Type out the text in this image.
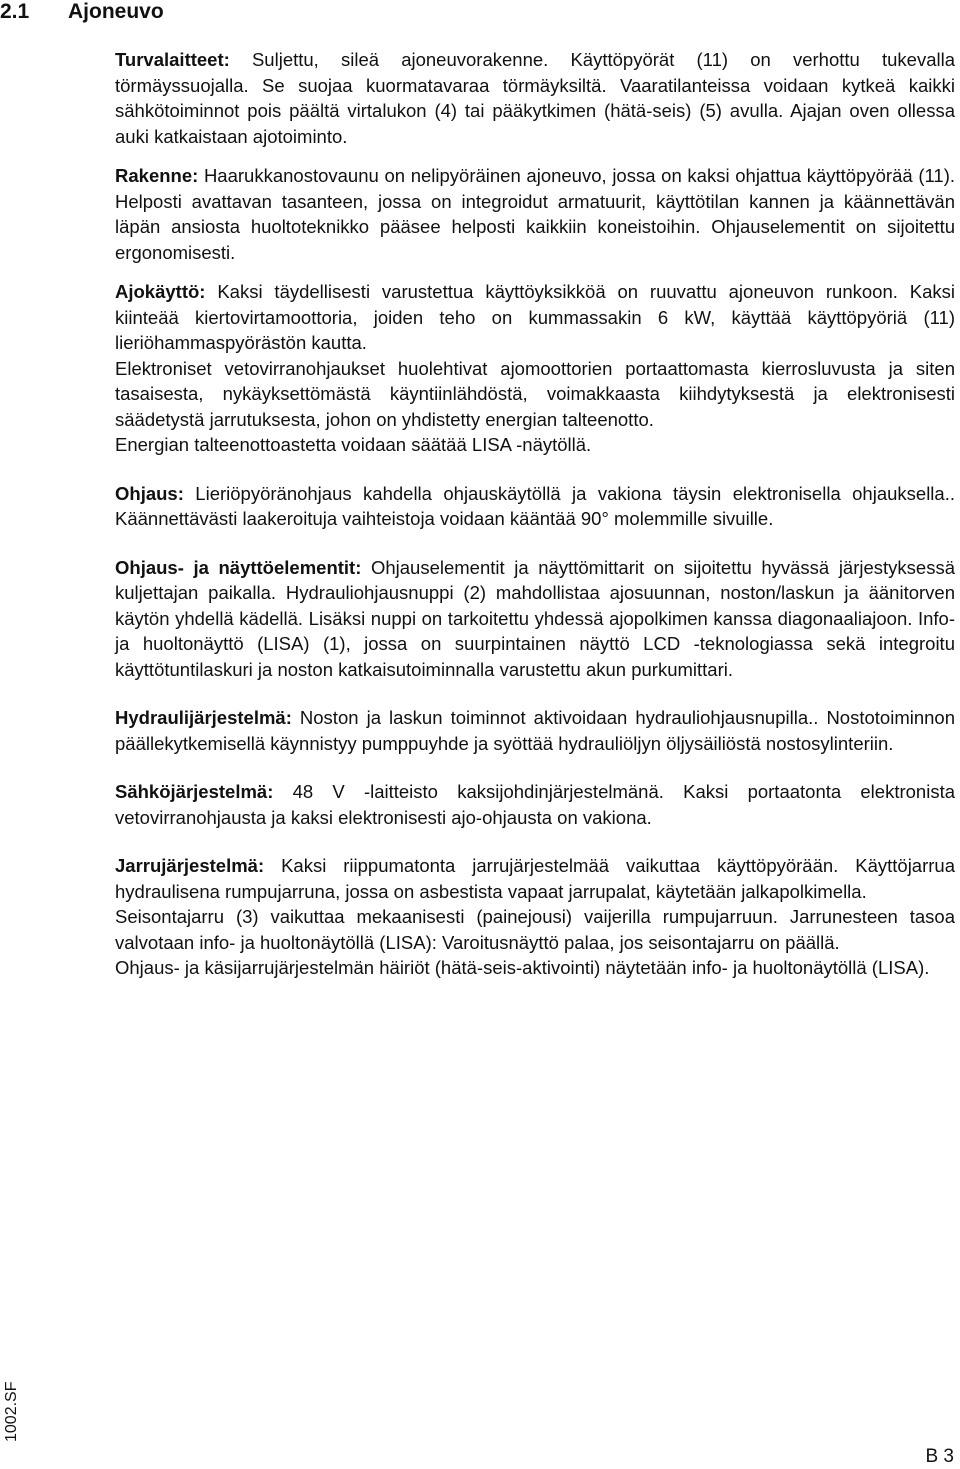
2.1 Ajoneuvo

Turvalaitteet: Suljettu, sileä ajoneuvorakenne. Käyttöpyörät (11) on verhottu tukevalla törmäyssuojalla. Se suojaa kuormatavaraa törmäyksiltä. Vaaratilanteissa voidaan kytkeä kaikki sähkötoiminnot pois päältä virtalukon (4) tai pääkytkimen (hätä-seis) (5) avulla. Ajajan oven ollessa auki katkaistaan ajotoiminto.

Rakenne: Haarukkanostovaunu on nelipyöräinen ajoneuvo, jossa on kaksi ohjattua käyttöpyörää (11). Helposti avattavan tasanteen, jossa on integroidut armatuurit, käyttötilan kannen ja käännettävän läpän ansiosta huoltoteknikko pääsee helposti kaikkiin koneistoihin. Ohjauselementit on sijoitettu ergonomisesti.

Ajokäyttö: Kaksi täydellisesti varustettua käyttöyksikköä on ruuvattu ajoneuvon runkoon. Kaksi kiinteää kiertovirtamoottoria, joiden teho on kummassakin 6 kW, käyttää käyttöpyöriä (11) lieriöhammaspyörästön kautta.

Elektroniset vetovirranohjaukset huolehtivat ajomoottorien portaattomasta kierrosluvusta ja siten tasaisesta, nykäyksettömästä käyntiinlähdöstä, voimakkaasta kiihdytyksestä ja elektronisesti säädetystä jarrutuksesta, johon on yhdistetty energian talteenotto.

Energian talteenottoastetta voidaan säätää LISA -näytöllä.

Ohjaus: Lieriöpyöränohjaus kahdella ohjauskäytöllä ja vakiona täysin elektronisella ohjauksella.. Käännettävästi laakeroituja vaihteistoja voidaan kääntää 90° molemmille sivuille.

Ohjaus- ja näyttöelementit: Ohjauselementit ja näyttömittarit on sijoitettu hyvässä järjestyksessä kuljettajan paikalla. Hydrauliohjausnuppi (2) mahdollistaa ajosuunnan, noston/laskun ja äänitorven käytön yhdellä kädellä. Lisäksi nuppi on tarkoitettu yhdessä ajopolkimen kanssa diagonaaliajoon. Info- ja huoltonäyttö (LISA) (1), jossa on suurpintainen näyttö LCD -teknologiassa sekä integroitu käyttötuntilaskuri ja noston katkaisutoiminnalla varustettu akun purkumittari.

Hydraulijärjestelmä: Noston ja laskun toiminnot aktivoidaan hydrauliohjausnupilla.. Nostotoiminnon päällekytkemisellä käynnistyy pumppuyhde ja syöttää hydrauliöljyn öljysäiliöstä nostosylinteriin.

Sähköjärjestelmä: 48 V -laitteisto kaksijohdinjärjestelmänä. Kaksi portaatonta elektronista vetovirranohjausta ja kaksi elektronisesti ajo-ohjausta on vakiona.

Jarrujärjestelmä: Kaksi riippumatonta jarrujärjestelmää vaikuttaa käyttöpyörään. Käyttöjarrua hydraulisena rumpujarruna, jossa on asbestista vapaat jarrupalat, käytetään jalkapolkimella.

Seisontajarru (3) vaikuttaa mekaanisesti (painejousi) vaijerilla rumpujarruun. Jarrunesteen tasoa valvotaan info- ja huoltonäytöllä (LISA): Varoitusnäyttö palaa, jos seisontajarru on päällä.

Ohjaus- ja käsijarrujärjestelmän häiriöt (hätä-seis-aktivointi) näytetään info- ja huoltonäytöllä (LISA).

1002.SF
B 3
